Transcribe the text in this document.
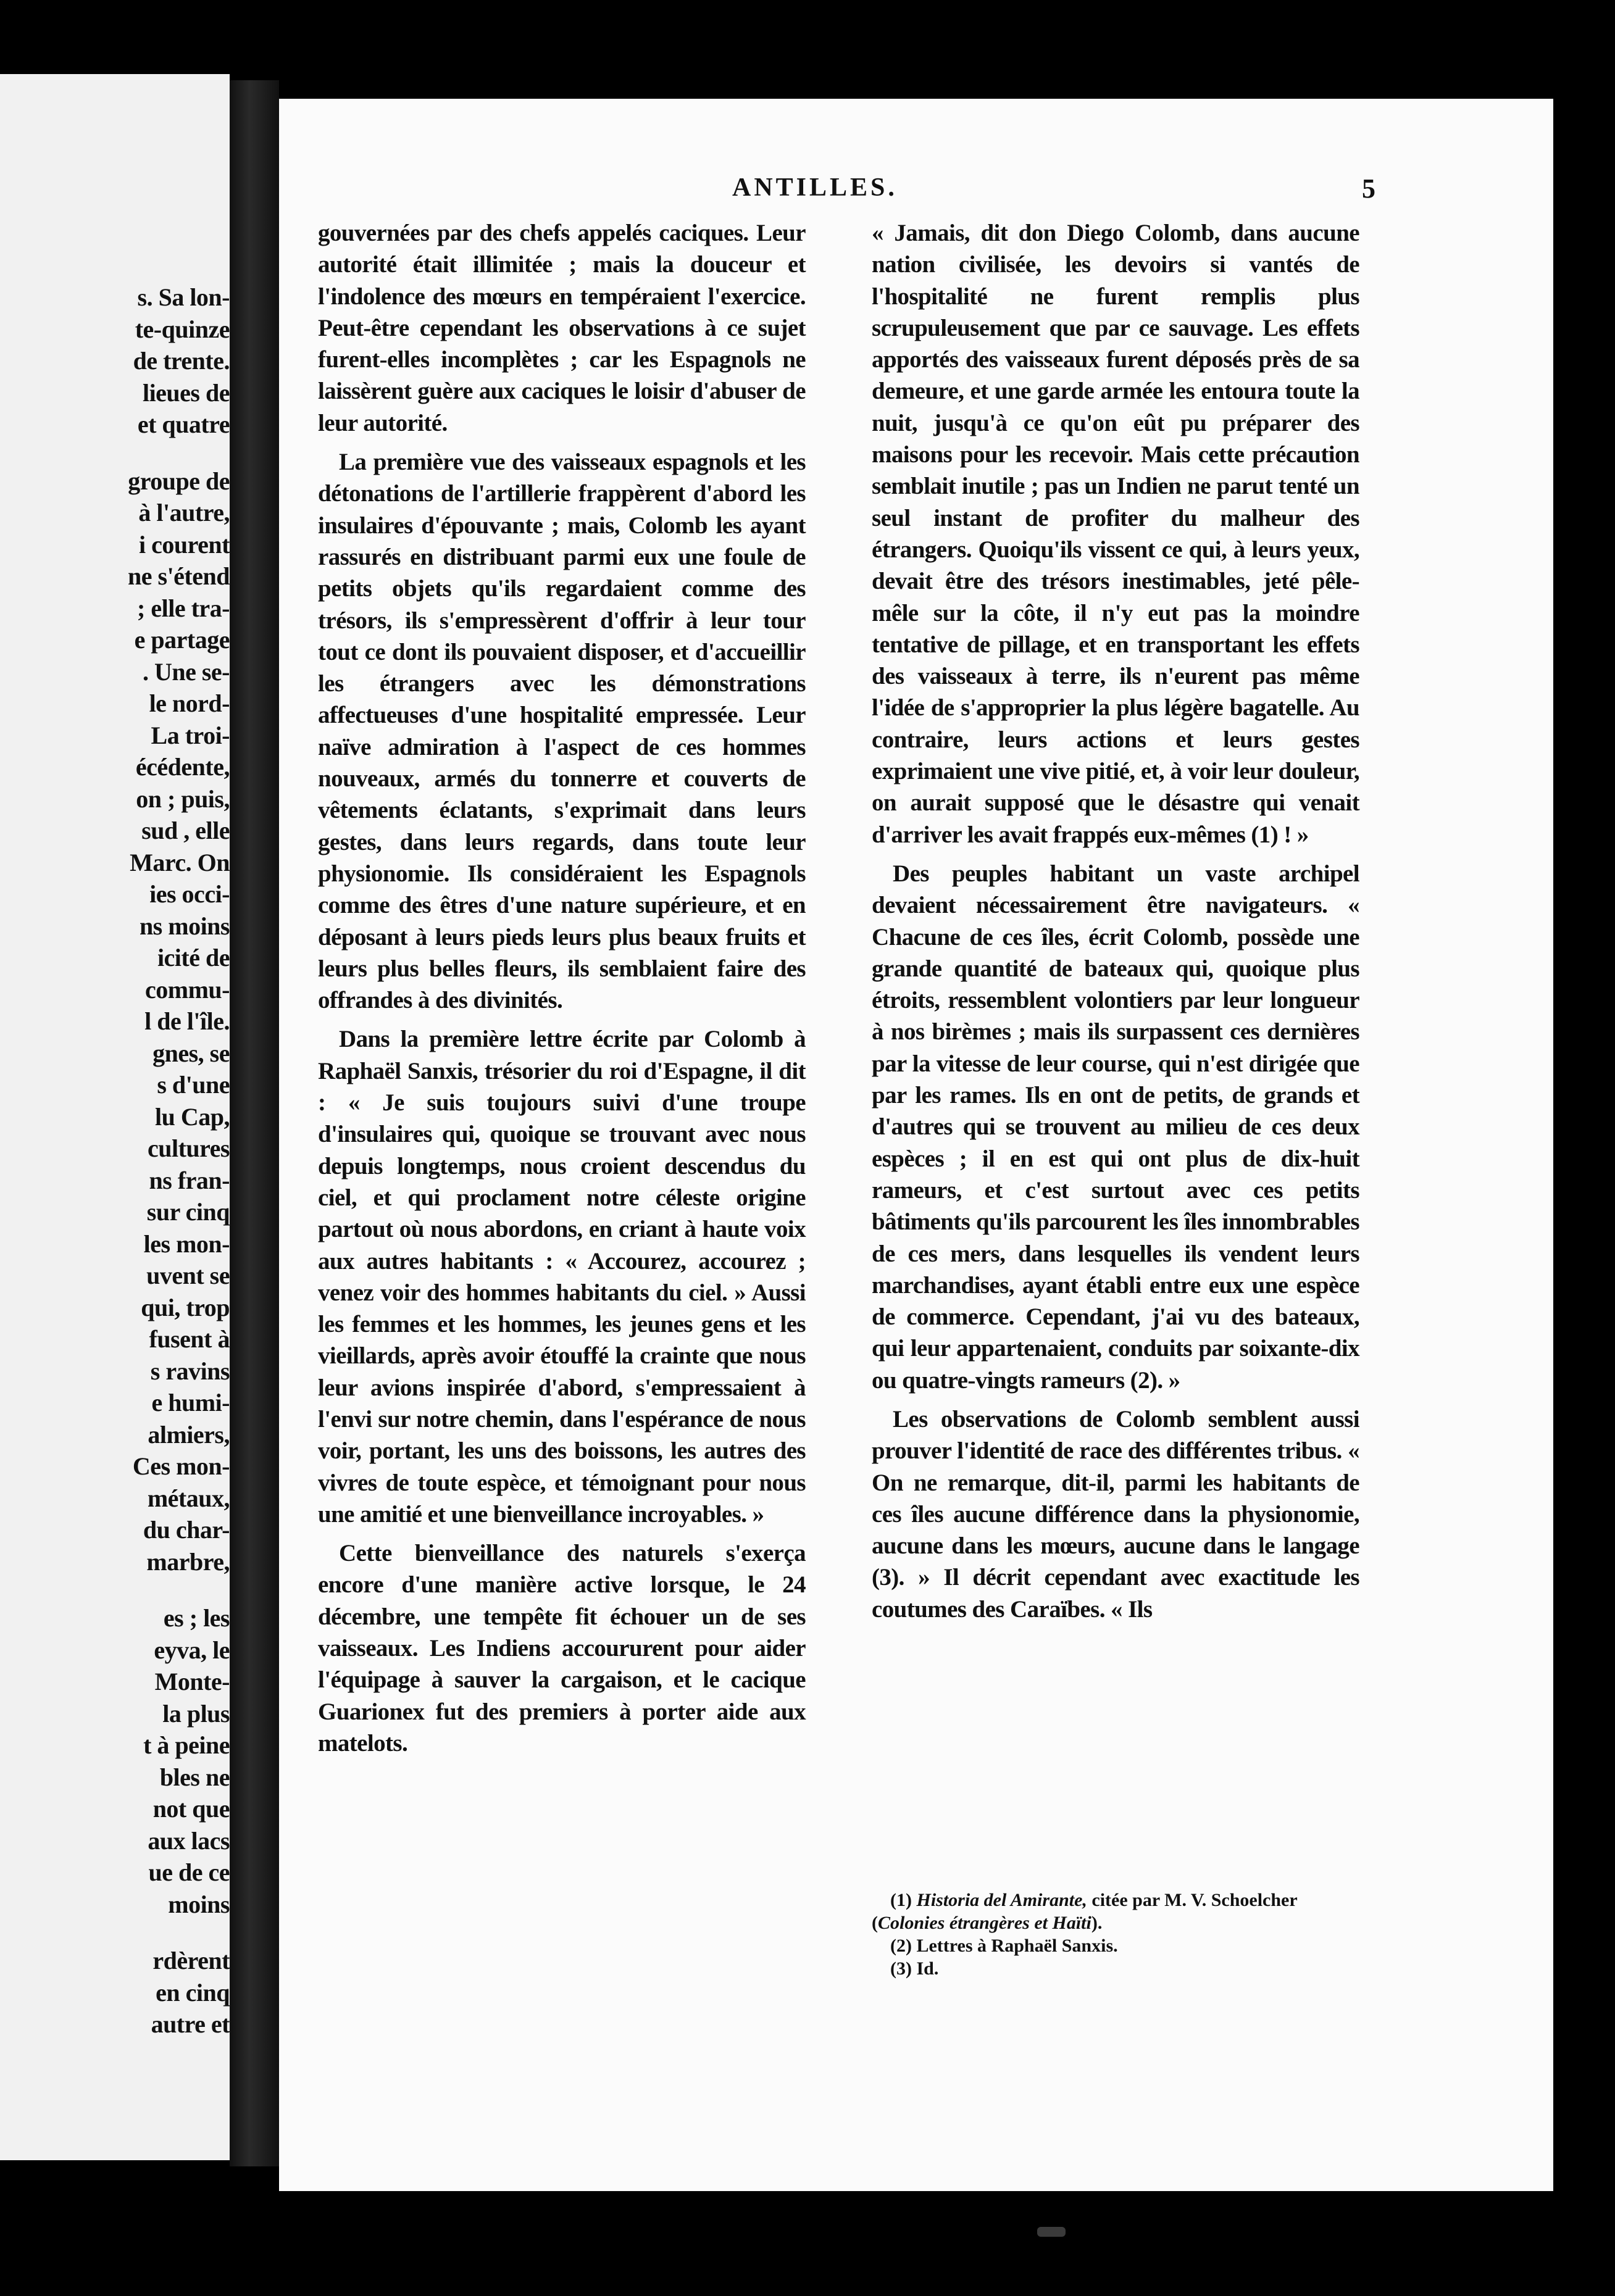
s. Sa lon-
te-quinze
de trente.
lieues de
et quatre
groupe de
à l'autre,
i courent
ne s'étend
; elle tra-
e partage
. Une se-
le nord-
La troi-
écédente,
on ; puis,
sud , elle
Marc. On
ies occi-
ns moins
icité de
commu-
l de l'île.
gnes, se
s d'une
lu Cap,
cultures
ns fran-
sur cinq
les mon-
uvent se
qui, trop
fusent à
s ravins
e humi-
almiers,
Ces mon-
métaux,
du char-
marbre,
es ; les
eyva, le
Monte-
la plus
t à peine
bles ne
not que
aux lacs
ue de ce
moins
rdèrent
en cinq
autre et
ANTILLES.	5

gouvernées par des chefs appelés caciques. Leur autorité était illimitée ; mais la douceur et l'indolence des mœurs en tempéraient l'exercice. Peut-être cependant les observations à ce sujet furent-elles incomplètes ; car les Espagnols ne laissèrent guère aux caciques le loisir d'abuser de leur autorité.

La première vue des vaisseaux espagnols et les détonations de l'artillerie frappèrent d'abord les insulaires d'épouvante ; mais, Colomb les ayant rassurés en distribuant parmi eux une foule de petits objets qu'ils regardaient comme des trésors, ils s'empressèrent d'offrir à leur tour tout ce dont ils pouvaient disposer, et d'accueillir les étrangers avec les démonstrations affectueuses d'une hospitalité empressée. Leur naïve admiration à l'aspect de ces hommes nouveaux, armés du tonnerre et couverts de vêtements éclatants, s'exprimait dans leurs gestes, dans leurs regards, dans toute leur physionomie. Ils considéraient les Espagnols comme des êtres d'une nature supérieure, et en déposant à leurs pieds leurs plus beaux fruits et leurs plus belles fleurs, ils semblaient faire des offrandes à des divinités.

Dans la première lettre écrite par Colomb à Raphaël Sanxis, trésorier du roi d'Espagne, il dit : « Je suis toujours suivi d'une troupe d'insulaires qui, quoique se trouvant avec nous depuis longtemps, nous croient descendus du ciel, et qui proclament notre céleste origine partout où nous abordons, en criant à haute voix aux autres habitants : « Accourez, accourez ; venez voir des hommes habitants du ciel. » Aussi les femmes et les hommes, les jeunes gens et les vieillards, après avoir étouffé la crainte que nous leur avions inspirée d'abord, s'empressaient à l'envi sur notre chemin, dans l'espérance de nous voir, portant, les uns des boissons, les autres des vivres de toute espèce, et témoignant pour nous une amitié et une bienveillance incroyables. »

Cette bienveillance des naturels s'exerça encore d'une manière active lorsque, le 24 décembre, une tempête fit échouer un de ses vaisseaux. Les Indiens accoururent pour aider l'équipage à sauver la cargaison, et le cacique Guarionex fut des premiers à porter aide aux matelots.

« Jamais, dit don Diego Colomb, dans aucune nation civilisée, les devoirs si vantés de l'hospitalité ne furent remplis plus scrupuleusement que par ce sauvage. Les effets apportés des vaisseaux furent déposés près de sa demeure, et une garde armée les entoura toute la nuit, jusqu'à ce qu'on eût pu préparer des maisons pour les recevoir. Mais cette précaution semblait inutile ; pas un Indien ne parut tenté un seul instant de profiter du malheur des étrangers. Quoiqu'ils vissent ce qui, à leurs yeux, devait être des trésors inestimables, jeté pêle-mêle sur la côte, il n'y eut pas la moindre tentative de pillage, et en transportant les effets des vaisseaux à terre, ils n'eurent pas même l'idée de s'approprier la plus légère bagatelle. Au contraire, leurs actions et leurs gestes exprimaient une vive pitié, et, à voir leur douleur, on aurait supposé que le désastre qui venait d'arriver les avait frappés eux-mêmes (1) ! »

Des peuples habitant un vaste archipel devaient nécessairement être navigateurs. « Chacune de ces îles, écrit Colomb, possède une grande quantité de bateaux qui, quoique plus étroits, ressemblent volontiers par leur longueur à nos birèmes ; mais ils surpassent ces dernières par la vitesse de leur course, qui n'est dirigée que par les rames. Ils en ont de petits, de grands et d'autres qui se trouvent au milieu de ces deux espèces ; il en est qui ont plus de dix-huit rameurs, et c'est surtout avec ces petits bâtiments qu'ils parcourent les îles innombrables de ces mers, dans lesquelles ils vendent leurs marchandises, ayant établi entre eux une espèce de commerce. Cependant, j'ai vu des bateaux, qui leur appartenaient, conduits par soixante-dix ou quatre-vingts rameurs (2). »

Les observations de Colomb semblent aussi prouver l'identité de race des différentes tribus. « On ne remarque, dit-il, parmi les habitants de ces îles aucune différence dans la physionomie, aucune dans les mœurs, aucune dans le langage (3). » Il décrit cependant avec exactitude les coutumes des Caraïbes. « Ils

(1) Historia del Amirante, citée par M. V. Schoelcher (Colonies étrangères et Haïti).
(2) Lettres à Raphaël Sanxis.
(3) Id.
